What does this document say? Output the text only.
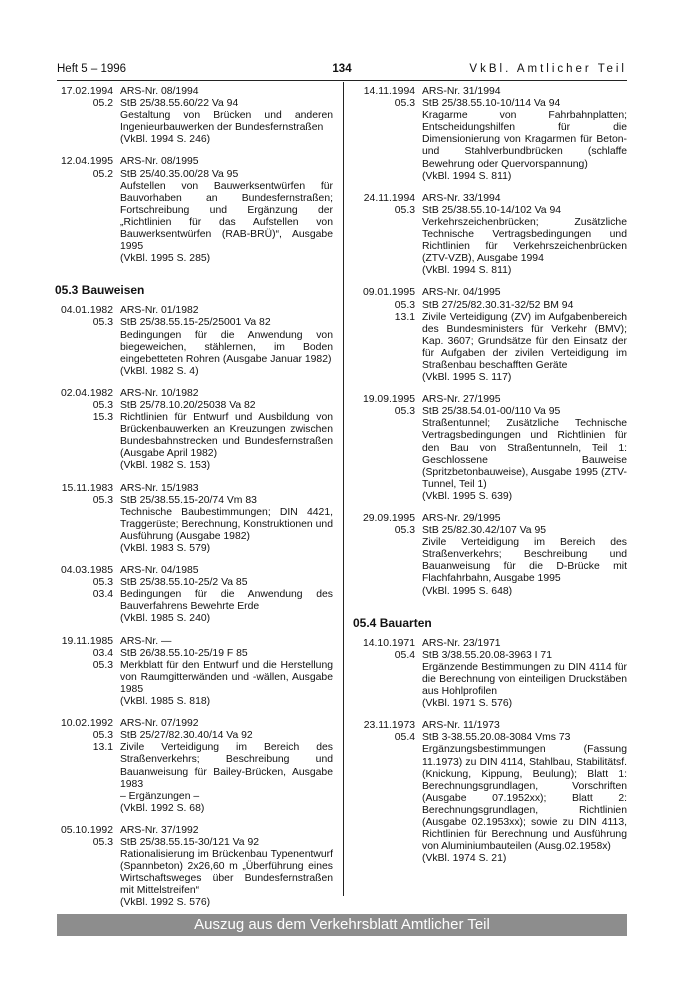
Heft 5 – 1996	134	VkBl. Amtlicher Teil
17.02.1994
05.2
ARS-Nr. 08/1994
StB 25/38.55.60/22 Va 94
Gestaltung von Brücken und anderen Ingenieurbauwerken der Bundesfernstraßen
(VkBl. 1994 S. 246)
12.04.1995
05.2
ARS-Nr. 08/1995
StB 25/40.35.00/28 Va 95
Aufstellen von Bauwerksentwürfen für Bauvorhaben an Bundesfernstraßen; Fortschreibung und Ergänzung der „Richtlinien für das Aufstellen von Bauwerksentwürfen (RAB-BRÜ)“, Ausgabe 1995
(VkBl. 1995 S. 285)
05.3 Bauweisen
04.01.1982
05.3
ARS-Nr. 01/1982
StB 25/38.55.15-25/25001 Va 82
Bedingungen für die Anwendung von biegeweichen, stählernen, im Boden eingebetteten Rohren (Ausgabe Januar 1982)
(VkBl. 1982 S. 4)
02.04.1982
05.3
15.3
ARS-Nr. 10/1982
StB 25/78.10.20/25038 Va 82
Richtlinien für Entwurf und Ausbildung von Brückenbauwerken an Kreuzungen zwischen Bundesbahnstrecken und Bundesfernstraßen (Ausgabe April 1982)
(VkBl. 1982 S. 153)
15.11.1983
05.3
ARS-Nr. 15/1983
StB 25/38.55.15-20/74 Vm 83
Technische Baubestimmungen; DIN 4421, Traggerüste; Berechnung, Konstruktionen und Ausführung (Ausgabe 1982)
(VkBl. 1983 S. 579)
04.03.1985
05.3
03.4
ARS-Nr. 04/1985
StB 25/38.55.10-25/2 Va 85
Bedingungen für die Anwendung des Bauverfahrens Bewehrte Erde
(VkBl. 1985 S. 240)
19.11.1985
03.4
05.3
ARS-Nr. —
StB 26/38.55.10-25/19 F 85
Merkblatt für den Entwurf und die Herstellung von Raumgitterwänden und -wällen, Ausgabe 1985
(VkBl. 1985 S. 818)
10.02.1992
05.3
13.1
ARS-Nr. 07/1992
StB 25/27/82.30.40/14 Va 92
Zivile Verteidigung im Bereich des Straßenverkehrs; Beschreibung und Bauanweisung für Bailey-Brücken, Ausgabe 1983
– Ergänzungen –
(VkBl. 1992 S. 68)
05.10.1992
05.3
ARS-Nr. 37/1992
StB 25/38.55.15-30/121 Va 92
Rationalisierung im Brückenbau Typenentwurf (Spannbeton) 2x26,60 m „Überführung eines Wirtschaftsweges über Bundesfernstraßen mit Mittelstreifen“
(VkBl. 1992 S. 576)
14.11.1994
05.3
ARS-Nr. 31/1994
StB 25/38.55.10-10/114 Va 94
Kragarme von Fahrbahnplatten; Entscheidungshilfen für die Dimensionierung von Kragarmen für Beton- und Stahlverbundbrücken (schlaffe Bewehrung oder Quervorspannung)
(VkBl. 1994 S. 811)
24.11.1994
05.3
ARS-Nr. 33/1994
StB 25/38.55.10-14/102 Va 94
Verkehrszeichenbrücken; Zusätzliche Technische Vertragsbedingungen und Richtlinien für Verkehrszeichenbrücken (ZTV-VZB), Ausgabe 1994
(VkBl. 1994 S. 811)
09.01.1995
05.3
13.1
ARS-Nr. 04/1995
StB 27/25/82.30.31-32/52 BM 94
Zivile Verteidigung (ZV) im Aufgabenbereich des Bundesministers für Verkehr (BMV); Kap. 3607; Grundsätze für den Einsatz der für Aufgaben der zivilen Verteidigung im Straßenbau beschafften Geräte
(VkBl. 1995 S. 117)
19.09.1995
05.3
ARS-Nr. 27/1995
StB 25/38.54.01-00/110 Va 95
Straßentunnel; Zusätzliche Technische Vertragsbedingungen und Richtlinien für den Bau von Straßentunneln, Teil 1: Geschlossene Bauweise (Spritzbetonbauweise), Ausgabe 1995 (ZTV-Tunnel, Teil 1)
(VkBl. 1995 S. 639)
29.09.1995
05.3
ARS-Nr. 29/1995
StB 25/82.30.42/107 Va 95
Zivile Verteidigung im Bereich des Straßenverkehrs; Beschreibung und Bauanweisung für die D-Brücke mit Flachfahrbahn, Ausgabe 1995
(VkBl. 1995 S. 648)
05.4 Bauarten
14.10.1971
05.4
ARS-Nr. 23/1971
StB 3/38.55.20.08-3963 I 71
Ergänzende Bestimmungen zu DIN 4114 für die Berechnung von einteiligen Druckstäben aus Hohlprofilen
(VkBl. 1971 S. 576)
23.11.1973
05.4
ARS-Nr. 11/1973
StB 3-38.55.20.08-3084 Vms 73
Ergänzungsbestimmungen (Fassung 11.1973) zu DIN 4114, Stahlbau, Stabilitätsf. (Knickung, Kippung, Beulung); Blatt 1: Berechnungsgrundlagen, Vorschriften (Ausgabe 07.1952xx); Blatt 2: Berechnungsgrundlagen, Richtlinien (Ausgabe 02.1953xx); sowie zu DIN 4113, Richtlinien für Berechnung und Ausführung von Aluminiumbauteilen (Ausg.02.1958x)
(VkBl. 1974 S. 21)
Auszug aus dem Verkehrsblatt Amtlicher Teil
